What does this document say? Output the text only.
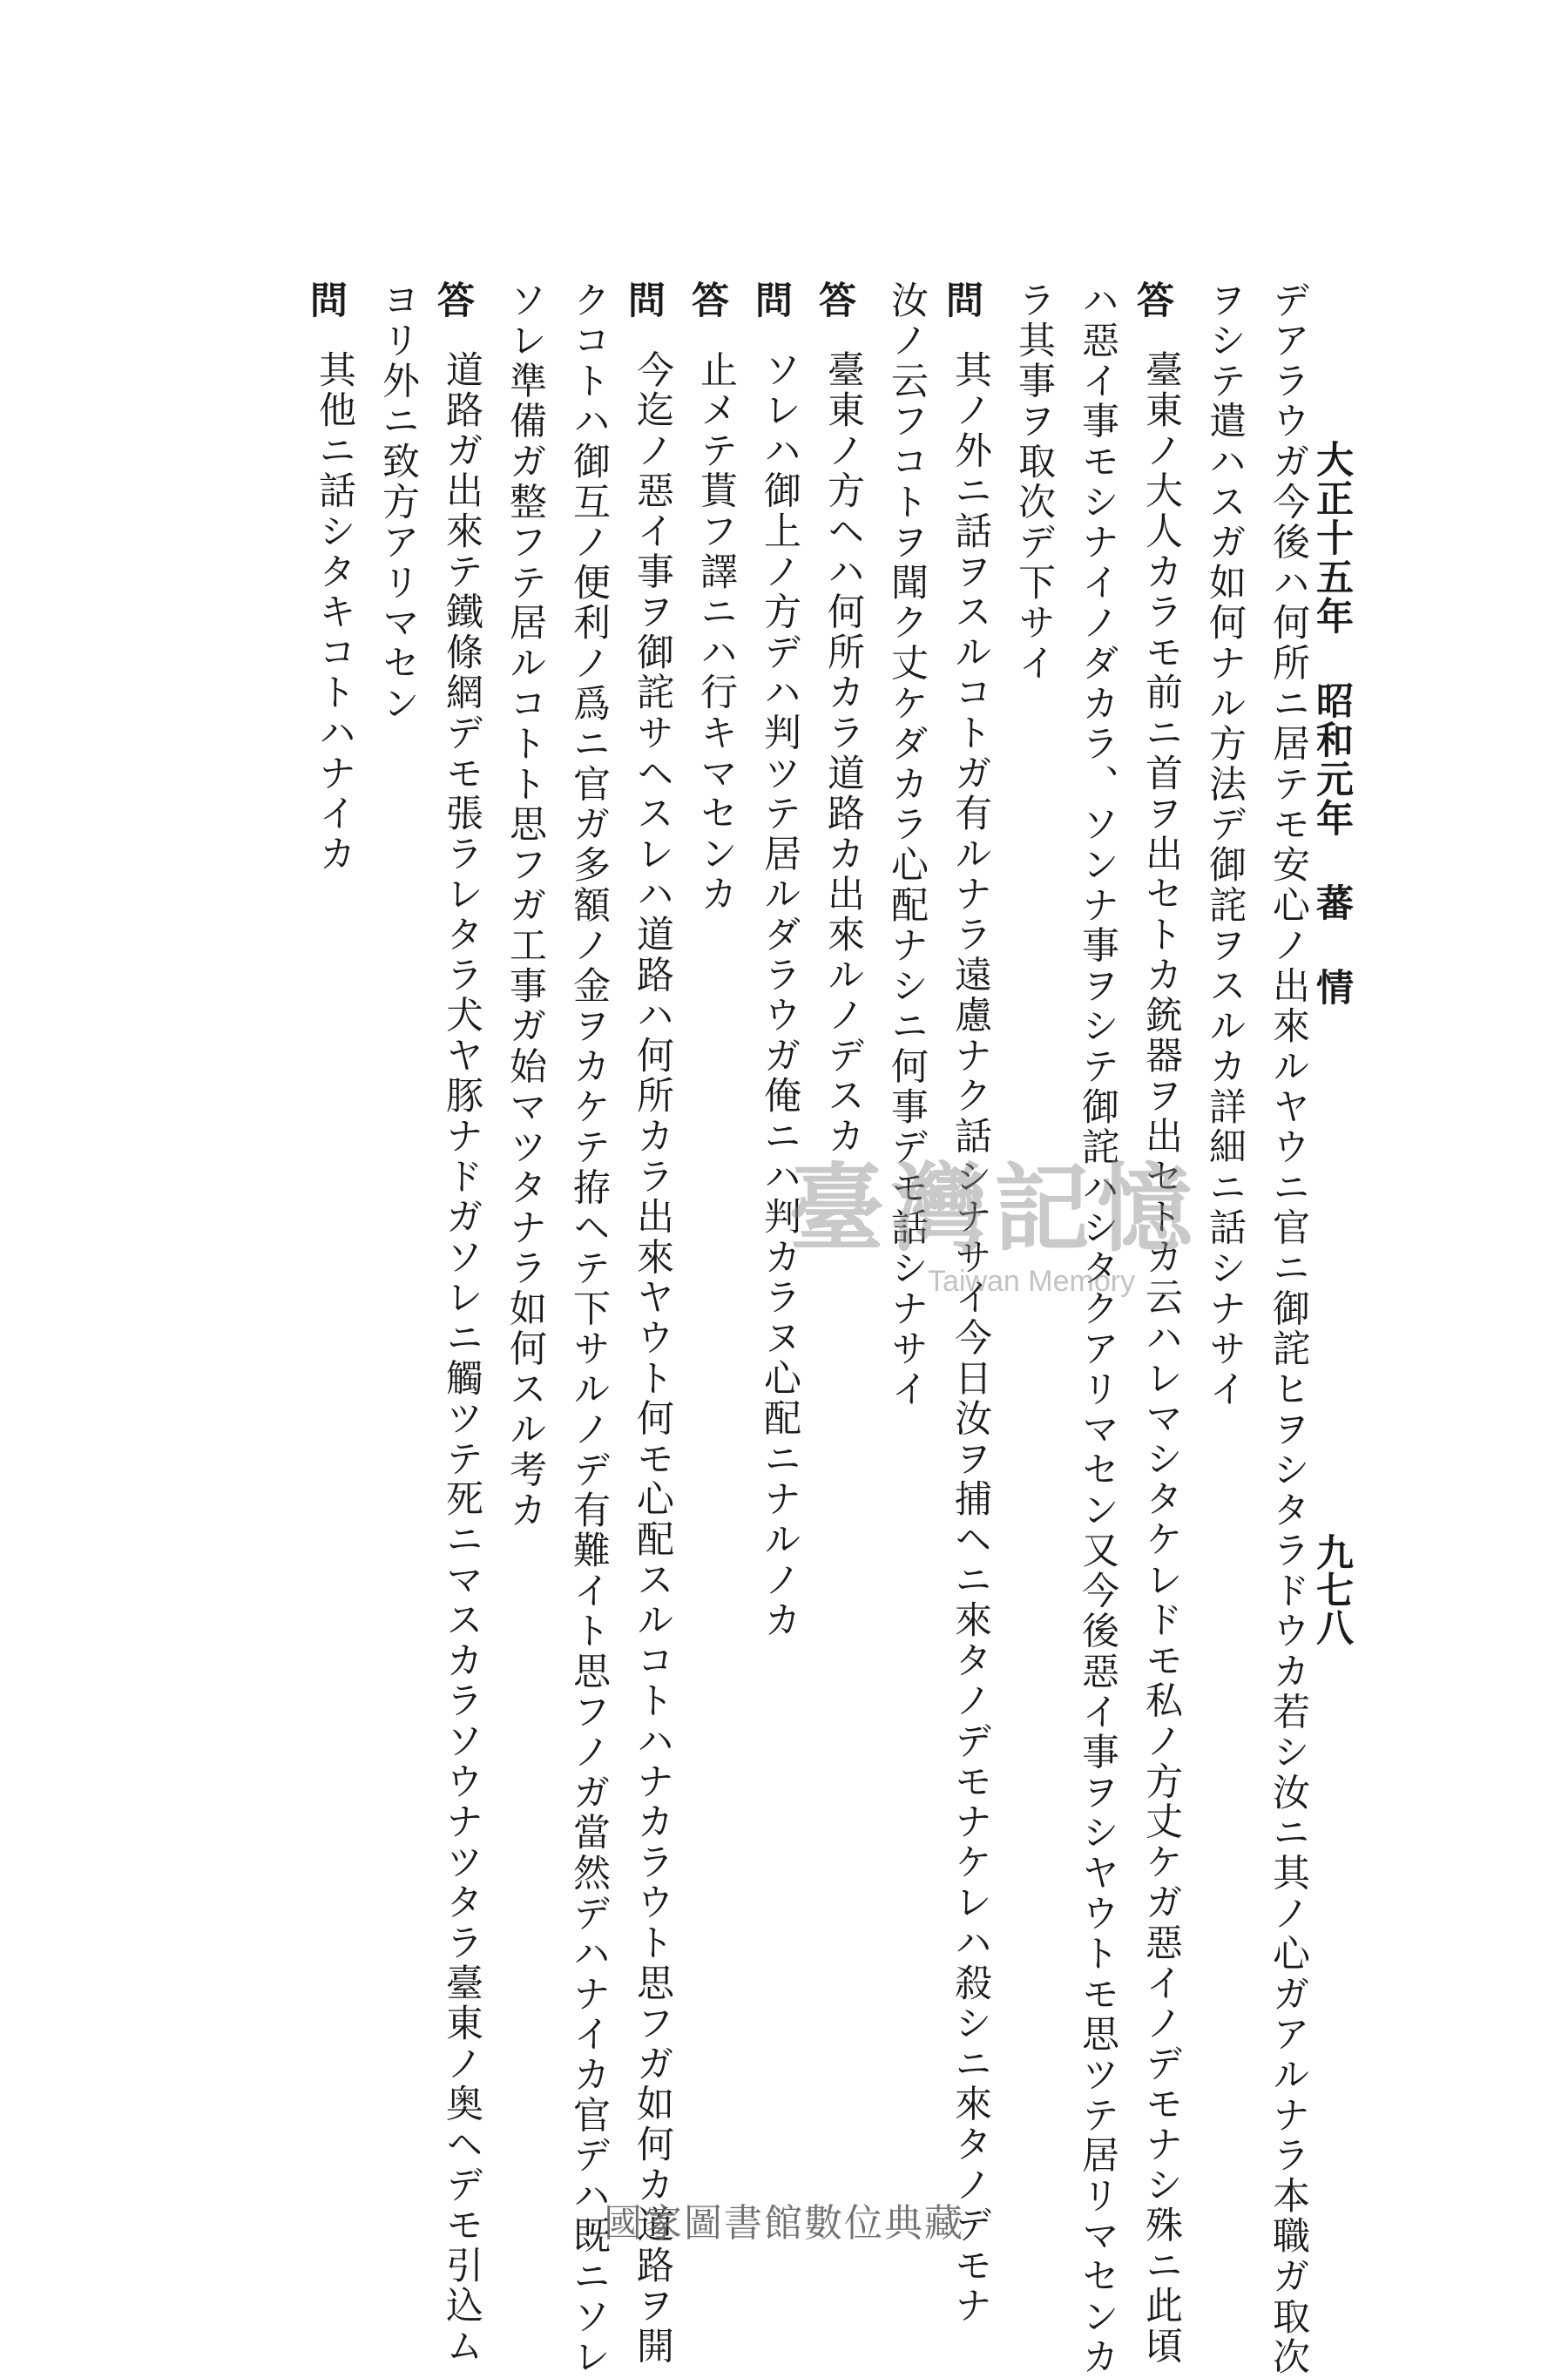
大正十五年 昭和元年 蕃 情
九七八
デアラウガ今後ハ何所ニ居テモ安心ノ出來ルヤウニ官ニ御詫ヒヲシタラドウカ若シ汝ニ其ノ心ガアルナラ本職ガ取次
ヲシテ遣ハスガ如何ナル方法デ御詫ヲスルカ詳細ニ話シナサイ
答
臺東ノ大人カラモ前ニ首ヲ出セトカ銃器ヲ出セトカ云ハレマシタケレドモ私ノ方丈ケガ惡イノデモナシ殊ニ此頃
ハ惡イ事モシナイノダカラ、ソンナ事ヲシテ御詫ハシタクアリマセン又今後惡イ事ヲシヤウトモ思ツテ居リマセンカ
ラ其事ヲ取次デ下サイ
問
其ノ外ニ話ヲスルコトガ有ルナラ遠慮ナク話シナサイ今日汝ヲ捕ヘニ來タノデモナケレハ殺シニ來タノデモナ
汝ノ云フコトヲ聞ク丈ケダカラ心配ナシニ何事デモ話シナサイ
答
臺東ノ方ヘハ何所カラ道路カ出來ルノデスカ
問
ソレハ御上ノ方デハ判ツテ居ルダラウガ俺ニハ判カラヌ心配ニナルノカ
答
止メテ貰フ譯ニハ行キマセンカ
問
今迄ノ惡イ事ヲ御詫サヘスレハ道路ハ何所カラ出來ヤウト何モ心配スルコトハナカラウト思フガ如何カ道路ヲ開
クコトハ御互ノ便利ノ爲ニ官ガ多額ノ金ヲカケテ拵ヘテ下サルノデ有難イト思フノガ當然デハナイカ官デハ既ニソレ
ソレ準備ガ整フテ居ルコトト思フガ工事ガ始マツタナラ如何スル考カ
答
道路ガ出來テ鐵條網デモ張ラレタラ犬ヤ豚ナドガソレニ觸ツテ死ニマスカラソウナツタラ臺東ノ奥ヘデモ引込ム
ヨリ外ニ致方アリマセン
問
其他ニ話シタキコトハナイカ
臺灣記憶
Taiwan Memory
國家圖書館數位典藏
